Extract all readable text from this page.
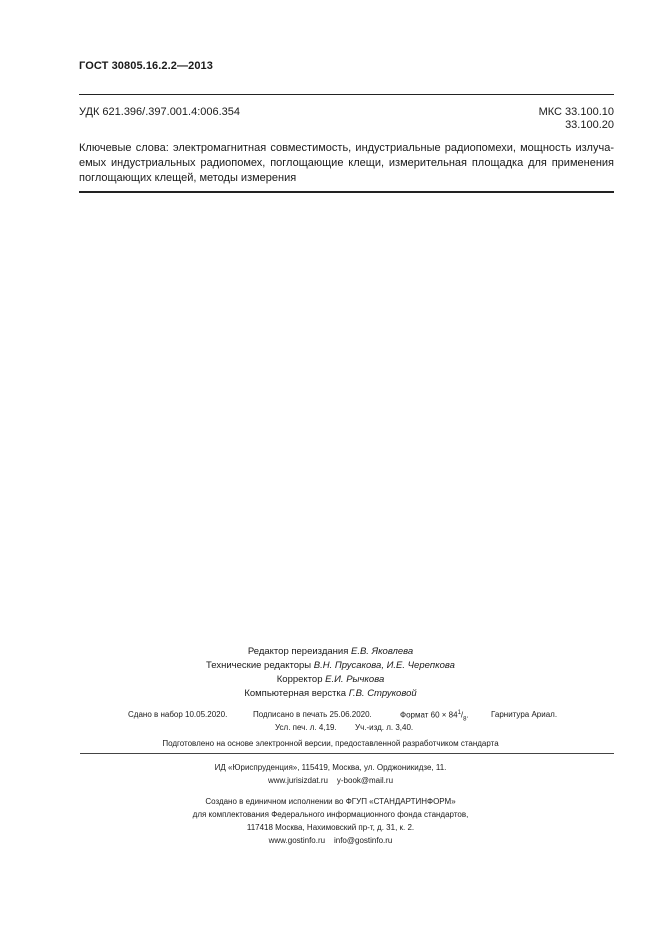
ГОСТ 30805.16.2.2—2013
УДК 621.396/.397.001.4:006.354	МКС 33.100.10
33.100.20
Ключевые слова: электромагнитная совместимость, индустриальные радиопомехи, мощность излуча-емых индустриальных радиопомех, поглощающие клещи, измерительная площадка для применения поглощающих клещей, методы измерения
Редактор переиздания Е.В. Яковлева
Технические редакторы В.Н. Прусакова, И.Е. Черепкова
Корректор Е.И. Рычкова
Компьютерная верстка Г.В. Струковой
Сдано в набор 10.05.2020.	Подписано в печать 25.06.2020.	Формат $60 \times 84^1/_8$.	Гарнитура Ариал.
Усл. печ. л. 4,19. Уч.-изд. л. 3,40.
Подготовлено на основе электронной версии, предоставленной разработчиком стандарта
ИД «Юриспруденция», 115419, Москва, ул. Орджоникидзе, 11.
www.jurisizdat.ru    y-book@mail.ru
Создано в единичном исполнении во ФГУП «СТАНДАРТИНФОРМ»
для комплектования Федерального информационного фонда стандартов,
117418 Москва, Нахимовский пр-т, д. 31, к. 2.
www.gostinfo.ru    info@gostinfo.ru
